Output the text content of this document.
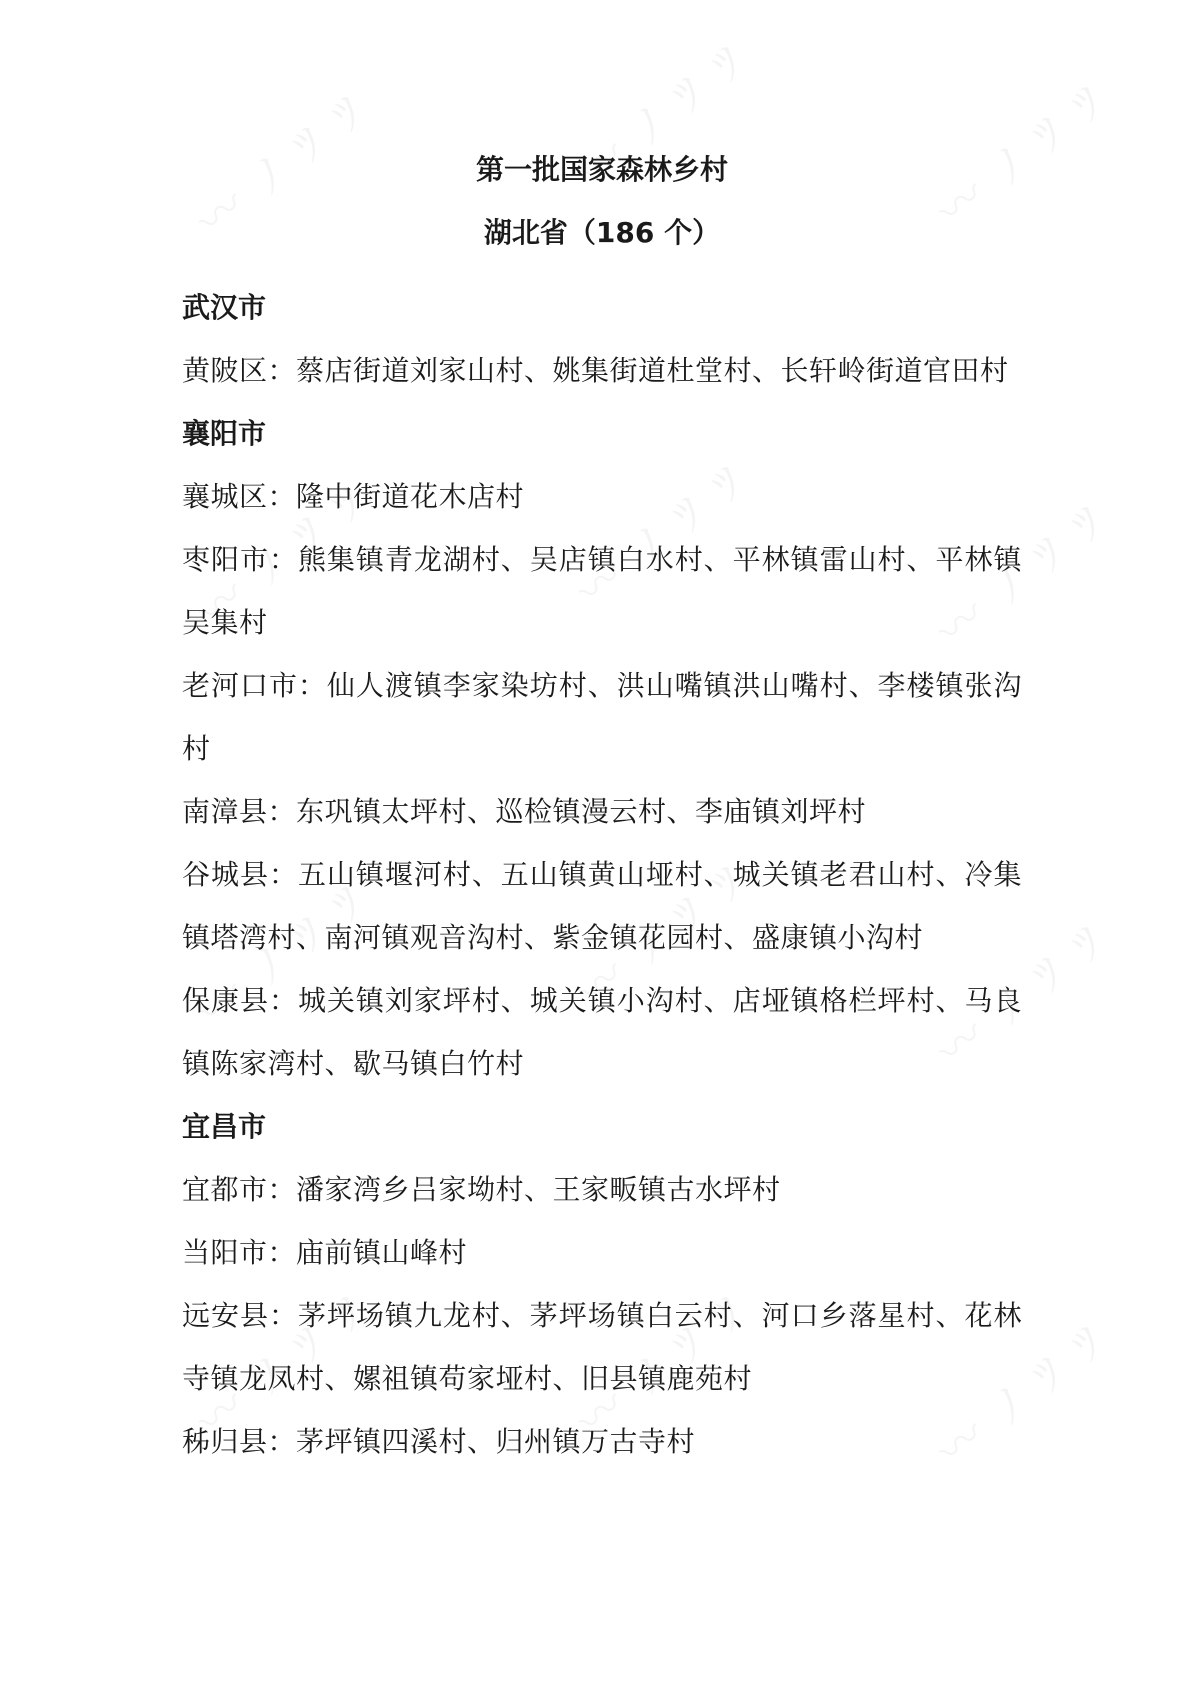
第一批国家森林乡村
湖北省（186 个）

武汉市

黄陂区：蔡店街道刘家山村、姚集街道杜堂村、长轩岭街道官田村

襄阳市

襄城区：隆中街道花木店村

枣阳市：熊集镇青龙湖村、吴店镇白水村、平林镇雷山村、平林镇吴集村

老河口市：仙人渡镇李家染坊村、洪山嘴镇洪山嘴村、李楼镇张沟村

南漳县：东巩镇太坪村、巡检镇漫云村、李庙镇刘坪村

谷城县：五山镇堰河村、五山镇黄山垭村、城关镇老君山村、冷集镇塔湾村、南河镇观音沟村、紫金镇花园村、盛康镇小沟村

保康县：城关镇刘家坪村、城关镇小沟村、店垭镇格栏坪村、马良镇陈家湾村、歇马镇白竹村

宜昌市

宜都市：潘家湾乡吕家坳村、王家畈镇古水坪村

当阳市：庙前镇山峰村

远安县：茅坪场镇九龙村、茅坪场镇白云村、河口乡落星村、花林寺镇龙凤村、嫘祖镇苟家垭村、旧县镇鹿苑村

秭归县：茅坪镇四溪村、归州镇万古寺村
